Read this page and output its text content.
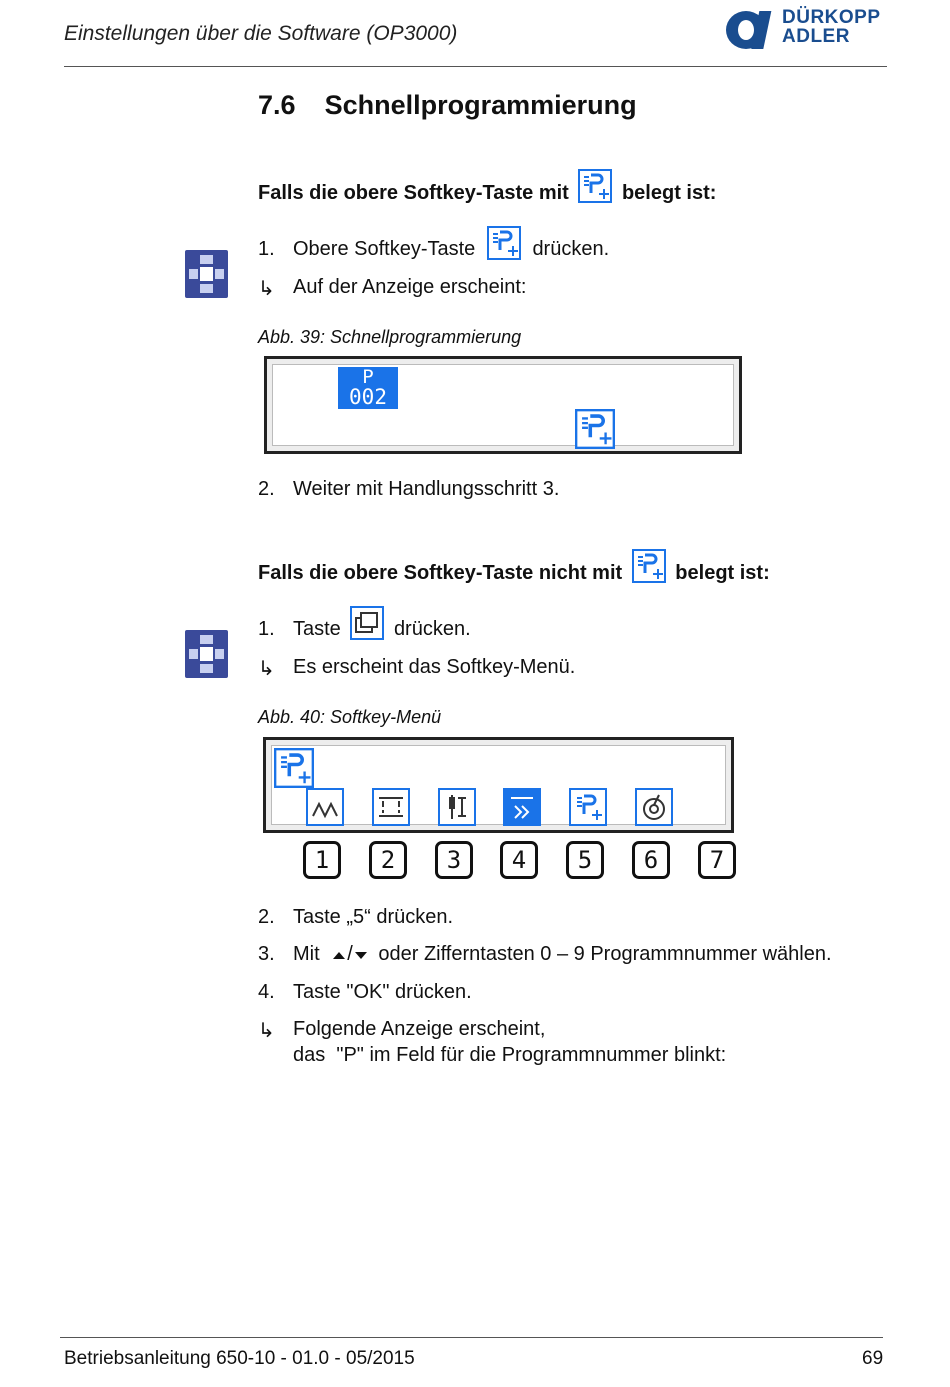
Einstellungen über die Software (OP3000)
DÜRKOPP
ADLER
7.6 Schnellprogrammierung
Falls die obere Softkey-Taste mit	belegt ist:
1. Obere Softkey-Taste	drücken.
↳ Auf der Anzeige erscheint:
Abb. 39: Schnellprogrammierung
P
002
2. Weiter mit Handlungsschritt 3.
Falls die obere Softkey-Taste nicht mit	belegt ist:
1. Taste	drücken.
↳ Es erscheint das Softkey-Menü.
Abb. 40: Softkey-Menü
1	2	3	4	5	6	7
2. Taste „5“ drücken.
3. Mit / oder Zifferntasten 0 – 9 Programmnummer wählen.
4. Taste "OK" drücken.
↳ Folgende Anzeige erscheint,
das  "P" im Feld für die Programmnummer blinkt:
Betriebsanleitung 650-10 - 01.0 - 05/2015	69
